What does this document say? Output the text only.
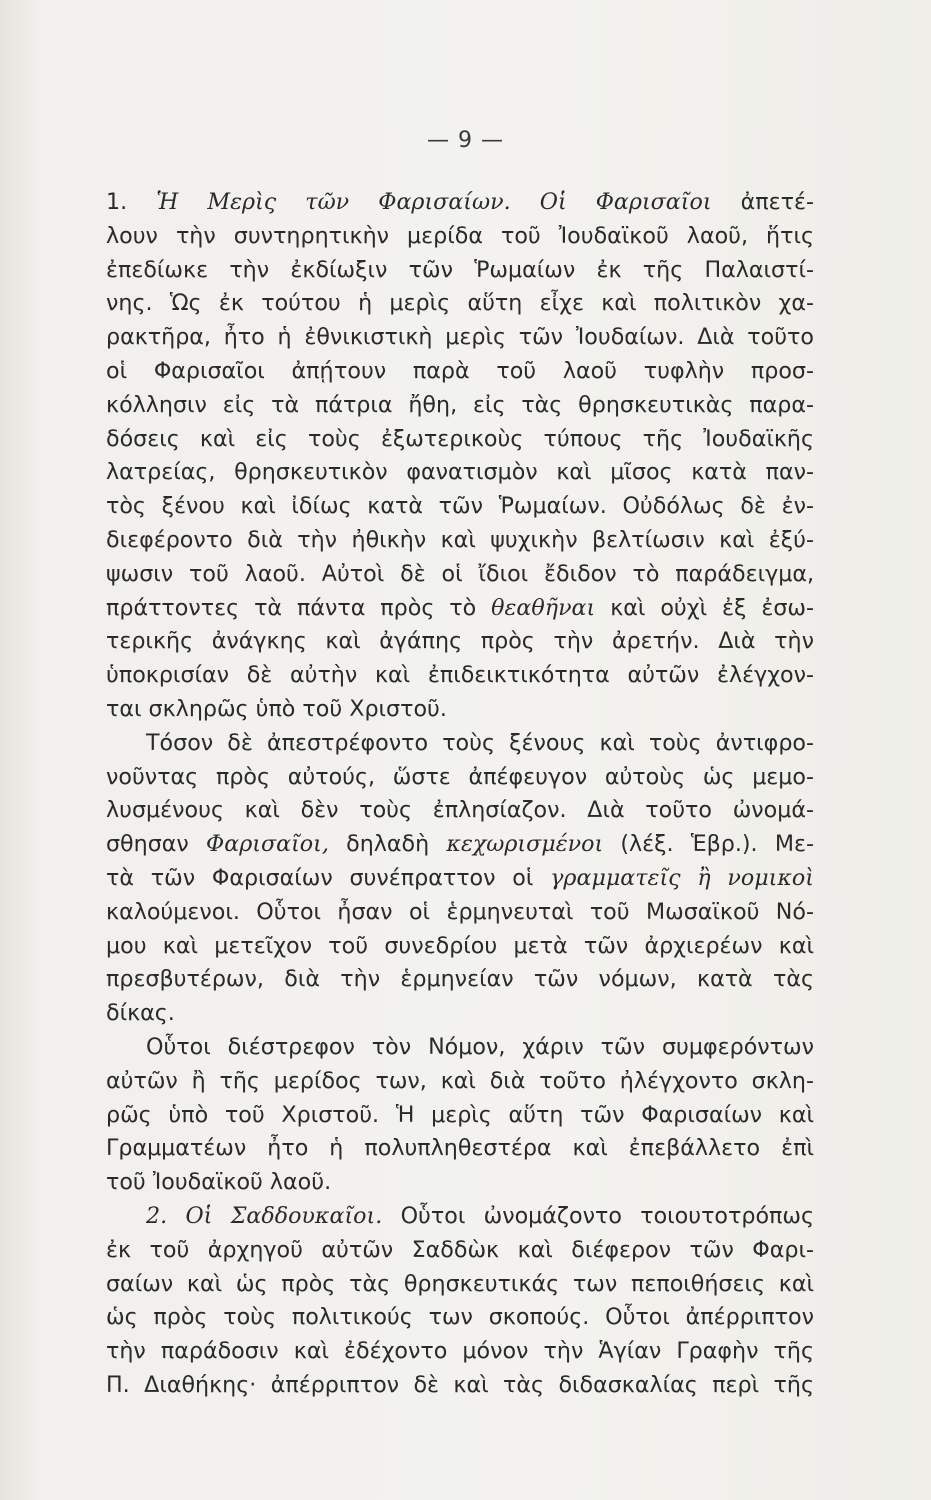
— 9 —
1. Ἡ Μερὶς τῶν Φαρισαίων. Οἱ Φαρισαῖοι ἀπετέ-
λουν τὴν συντηρητικὴν μερίδα τοῦ Ἰουδαϊκοῦ λαοῦ, ἥτις
ἐπεδίωκε τὴν ἐκδίωξιν τῶν Ῥωμαίων ἐκ τῆς Παλαιστί-
νης. Ὡς ἐκ τούτου ἡ μερὶς αὕτη εἶχε καὶ πολιτικὸν χα-
ρακτῆρα, ἦτο ἡ ἐθνικιστικὴ μερὶς τῶν Ἰουδαίων. Διὰ τοῦτο
οἱ Φαρισαῖοι ἀπῄτουν παρὰ τοῦ λαοῦ τυφλὴν προσ-
κόλλησιν εἰς τὰ πάτρια ἤθη, εἰς τὰς θρησκευτικὰς παρα-
δόσεις καὶ εἰς τοὺς ἐξωτερικοὺς τύπους τῆς Ἰουδαϊκῆς
λατρείας, θρησκευτικὸν φανατισμὸν καὶ μῖσος κατὰ παν-
τὸς ξένου καὶ ἰδίως κατὰ τῶν Ῥωμαίων. Οὐδόλως δὲ ἐν-
διεφέροντο διὰ τὴν ἠθικὴν καὶ ψυχικὴν βελτίωσιν καὶ ἐξύ-
ψωσιν τοῦ λαοῦ. Αὐτοὶ δὲ οἱ ἴδιοι ἔδιδον τὸ παράδειγμα,
πράττοντες τὰ πάντα πρὸς τὸ θεαθῆναι καὶ οὐχὶ ἐξ ἐσω-
τερικῆς ἀνάγκης καὶ ἀγάπης πρὸς τὴν ἀρετήν. Διὰ τὴν
ὑποκρισίαν δὲ αὐτὴν καὶ ἐπιδεικτικότητα αὐτῶν ἐλέγχον-
ται σκληρῶς ὑπὸ τοῦ Χριστοῦ.
Τόσον δὲ ἀπεστρέφοντο τοὺς ξένους καὶ τοὺς ἀντιφρο-
νοῦντας πρὸς αὐτούς, ὥστε ἀπέφευγον αὐτοὺς ὡς μεμο-
λυσμένους καὶ δὲν τοὺς ἐπλησίαζον. Διὰ τοῦτο ὠνομά-
σθησαν Φαρισαῖοι, δηλαδὴ κεχωρισμένοι (λέξ. Ἑβρ.). Με-
τὰ τῶν Φαρισαίων συνέπραττον οἱ γραμματεῖς ἢ νομικοὶ
καλούμενοι. Οὗτοι ἦσαν οἱ ἑρμηνευταὶ τοῦ Μωσαϊκοῦ Νό-
μου καὶ μετεῖχον τοῦ συνεδρίου μετὰ τῶν ἀρχιερέων καὶ
πρεσβυτέρων, διὰ τὴν ἑρμηνείαν τῶν νόμων, κατὰ τὰς
δίκας.
Οὗτοι διέστρεφον τὸν Νόμον, χάριν τῶν συμφερόντων
αὐτῶν ἢ τῆς μερίδος των, καὶ διὰ τοῦτο ἠλέγχοντο σκλη-
ρῶς ὑπὸ τοῦ Χριστοῦ. Ἡ μερὶς αὕτη τῶν Φαρισαίων καὶ
Γραμματέων ἦτο ἡ πολυπληθεστέρα καὶ ἐπεβάλλετο ἐπὶ
τοῦ Ἰουδαϊκοῦ λαοῦ.
2. Οἱ Σαδδουκαῖοι. Οὗτοι ὠνομάζοντο τοιουτοτρόπως
ἐκ τοῦ ἀρχηγοῦ αὐτῶν Σαδδὼκ καὶ διέφερον τῶν Φαρι-
σαίων καὶ ὡς πρὸς τὰς θρησκευτικάς των πεποιθήσεις καὶ
ὡς πρὸς τοὺς πολιτικούς των σκοπούς. Οὗτοι ἀπέρριπτον
τὴν παράδοσιν καὶ ἐδέχοντο μόνον τὴν Ἁγίαν Γραφὴν τῆς
Π. Διαθήκης· ἀπέρριπτον δὲ καὶ τὰς διδασκαλίας περὶ τῆς
